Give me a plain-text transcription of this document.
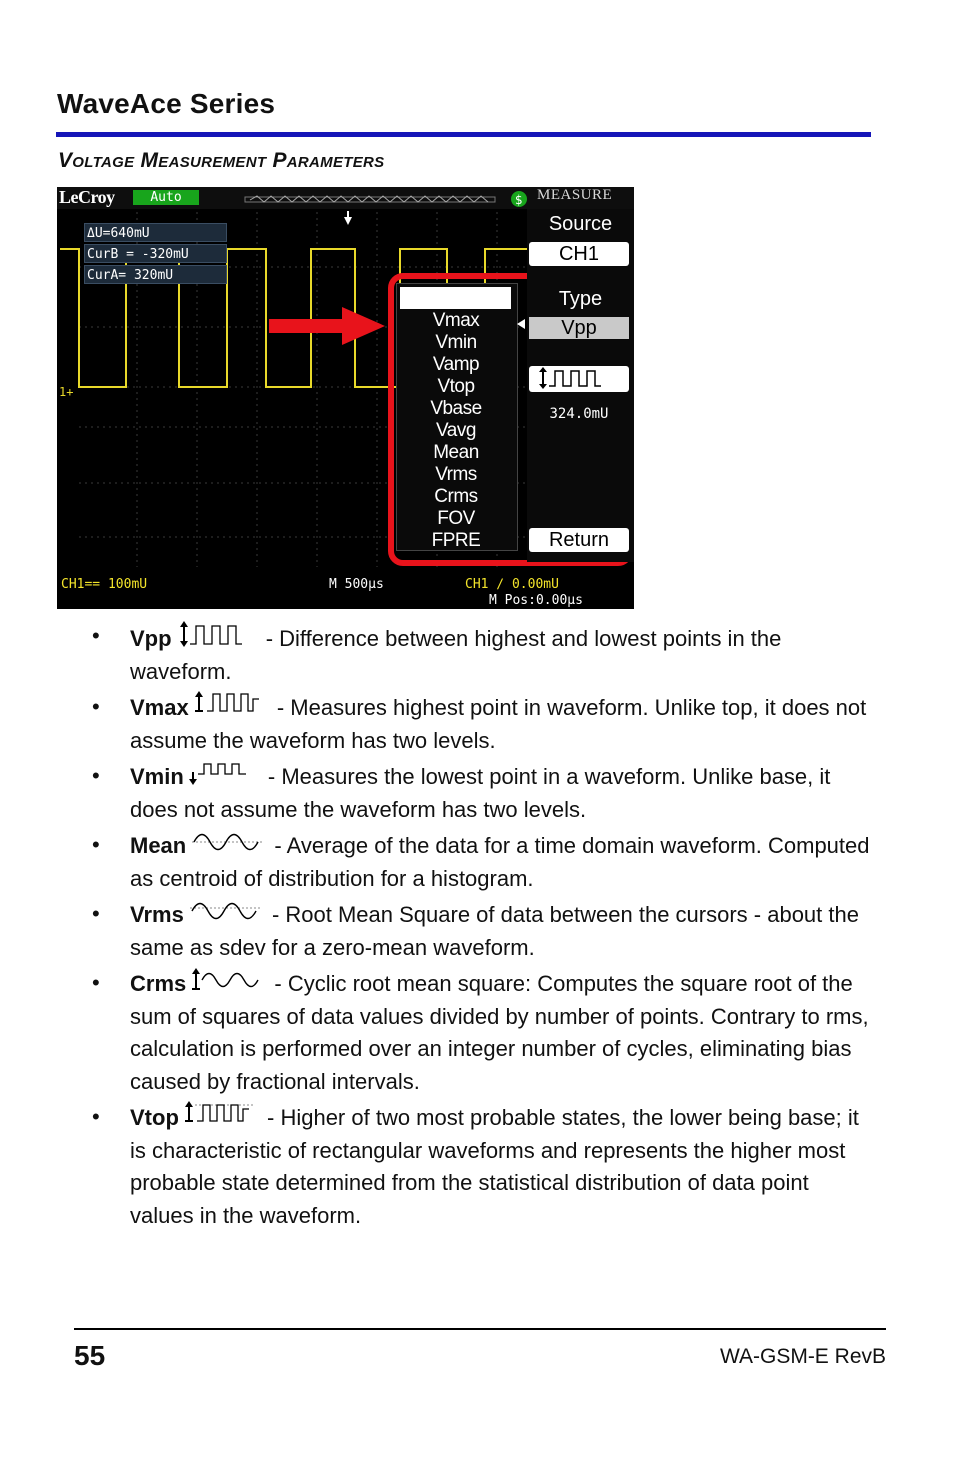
WaveAce Series
Voltage Measurement Parameters
1+
LeCroy	Auto	$ MEASURE
ΔU=640mU
CurB = -320mU
CurA= 320mU
Source
CH1
Type
Vpp
324.0mU
Return
Vpp
Vmax
Vmin
Vamp
Vtop
Vbase
Vavg
Mean
Vrms
Crms
FOV
FPRE
CH1== 100mU	M 500μs	CH1 ∕ 0.00mU
M Pos:0.00μs
• Vpp	- Difference between highest and lowest points in the waveform.
• Vmax	- Measures highest point in waveform. Unlike top, it does not assume the waveform has two levels.
• Vmin	- Measures the lowest point in a waveform. Unlike base, it does not assume the waveform has two levels.
• Mean	- Average of the data for a time domain waveform. Computed as centroid of distribution for a histogram.
• Vrms	- Root Mean Square of data between the cursors - about the same as sdev for a zero-mean waveform.
• Crms	- Cyclic root mean square: Computes the square root of the sum of squares of data values divided by number of points. Contrary to rms, calculation is performed over an integer number of cycles, eliminating bias caused by fractional intervals.
• Vtop	- Higher of two most probable states, the lower being base; it is characteristic of rectangular waveforms and represents the higher most probable state determined from the statistical distribution of data point values in the waveform.
55	WA-GSM-E RevB
